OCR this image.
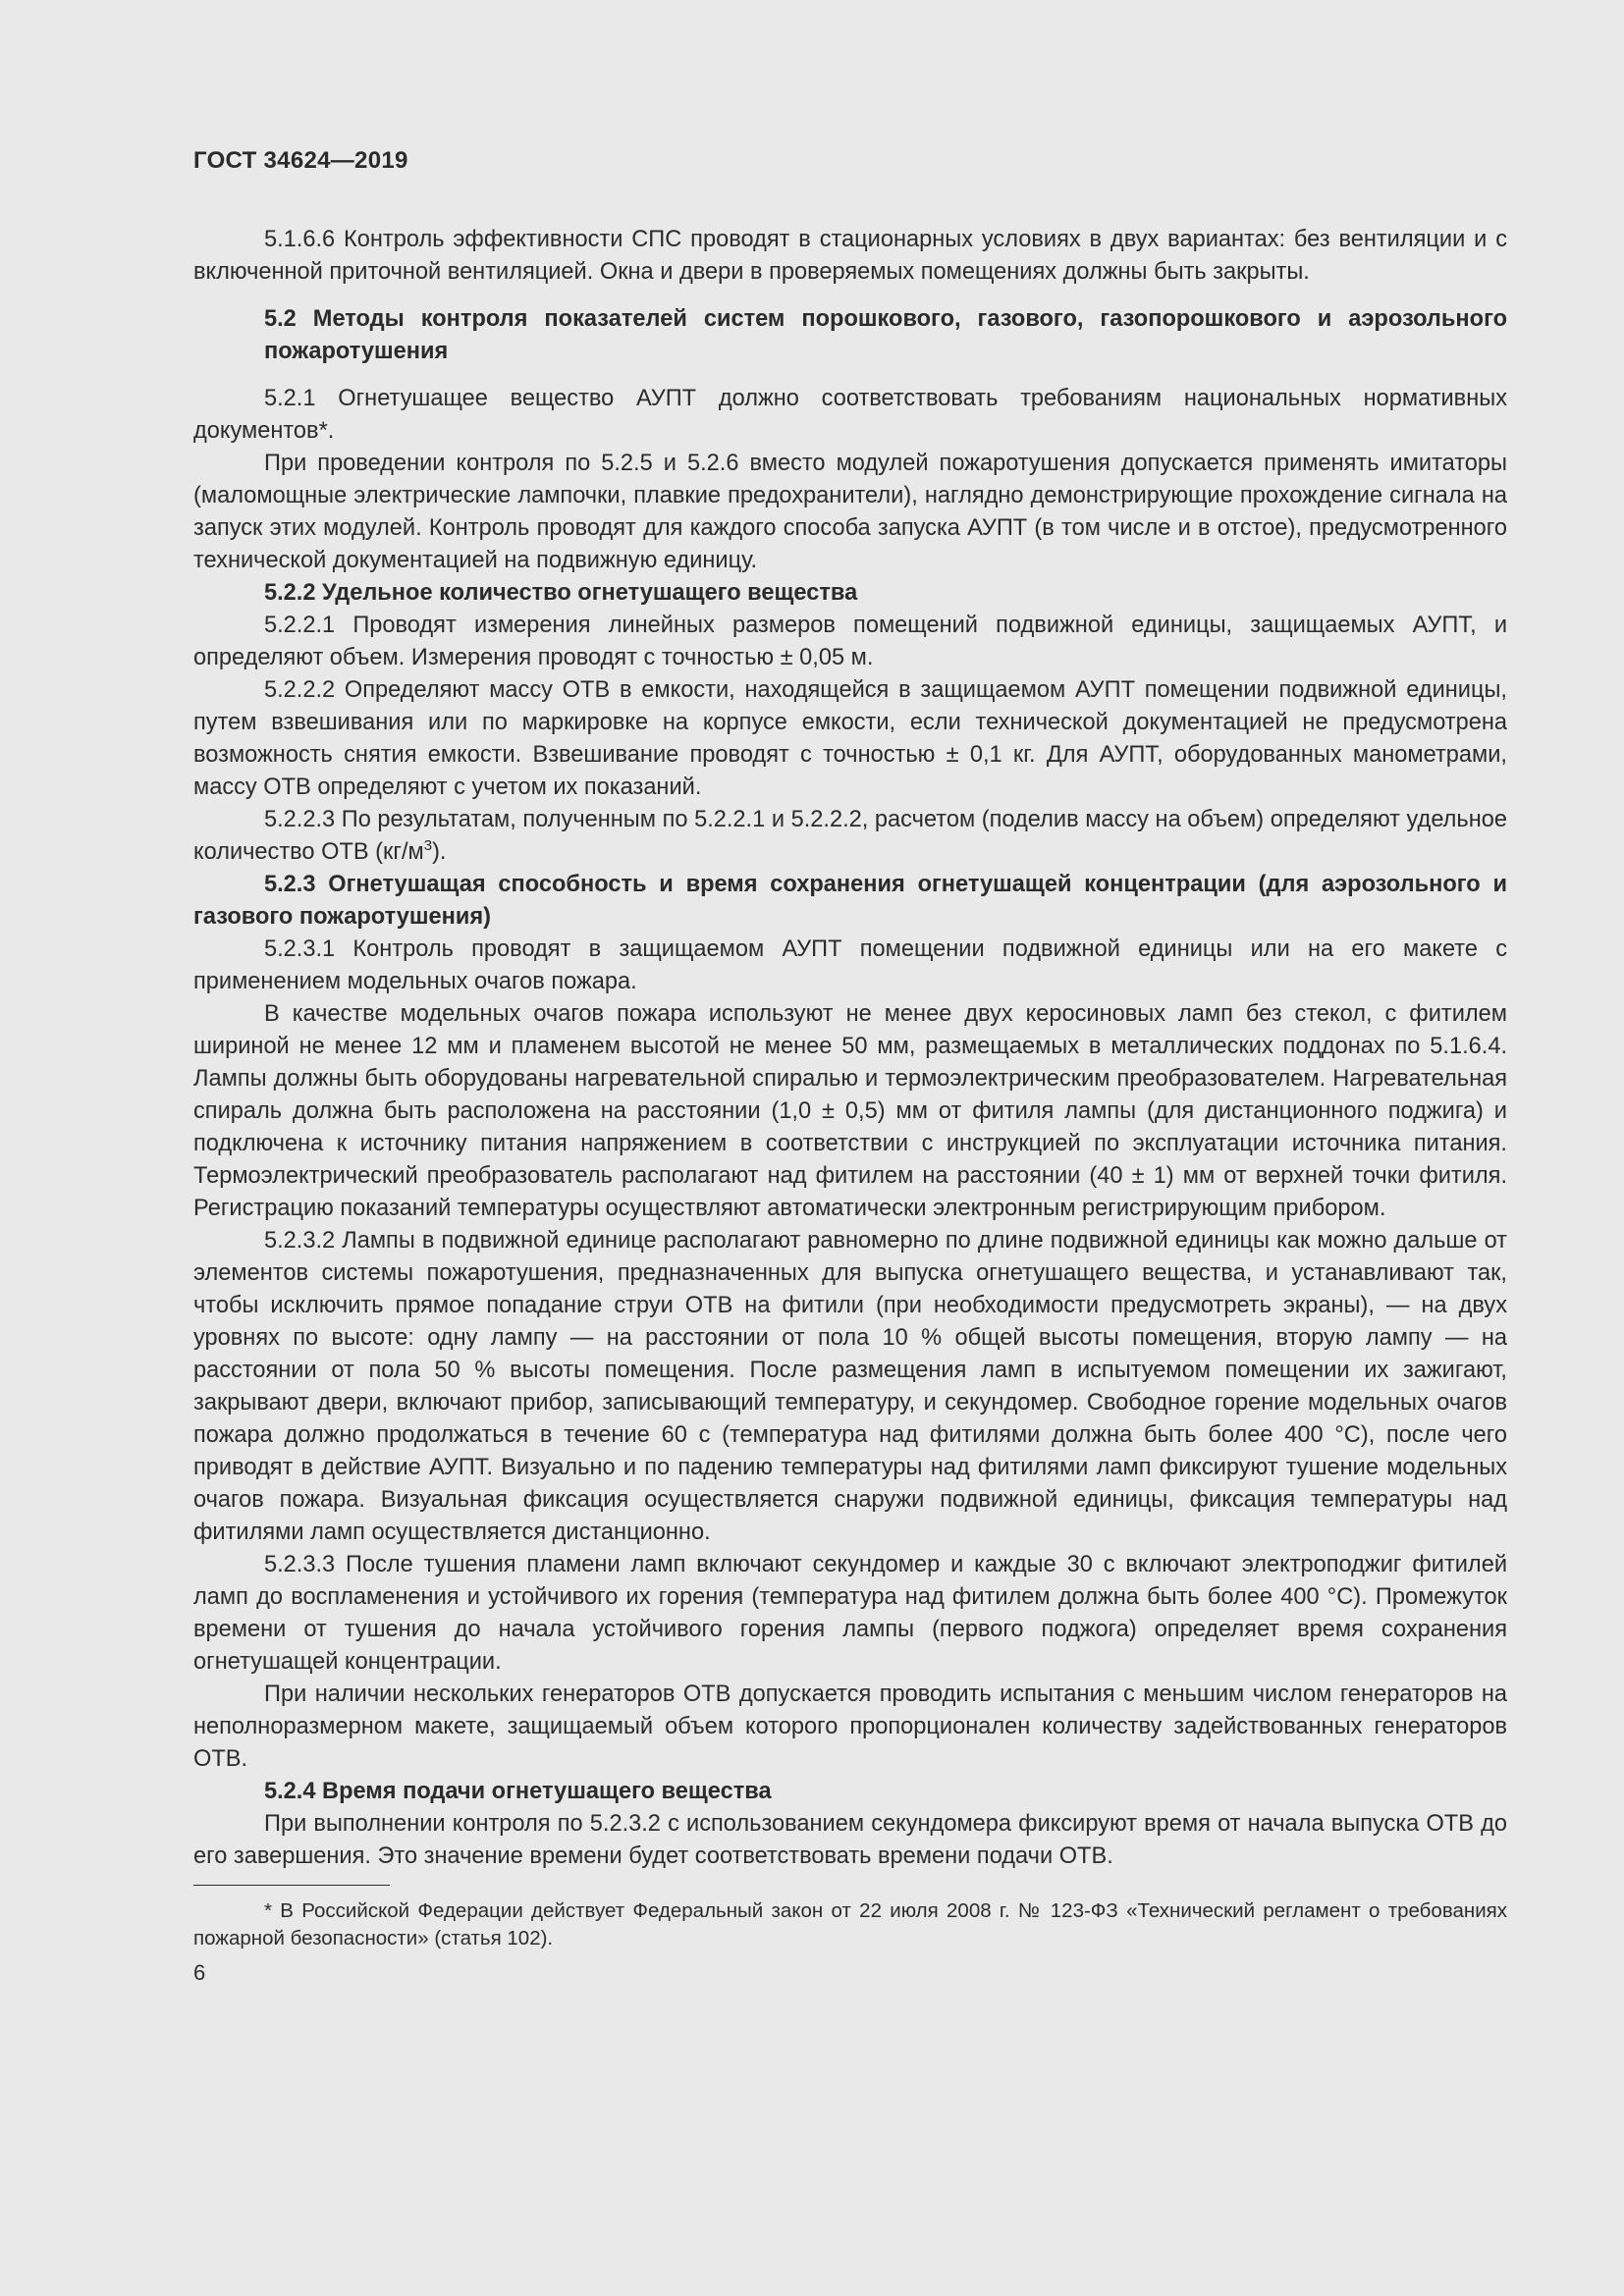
ГОСТ 34624—2019

5.1.6.6 Контроль эффективности СПС проводят в стационарных условиях в двух вариантах: без вентиляции и с включенной приточной вентиляцией. Окна и двери в проверяемых помещениях должны быть закрыты.

5.2 Методы контроля показателей систем порошкового, газового, газопорошкового и аэрозольного пожаротушения

5.2.1 Огнетушащее вещество АУПТ должно соответствовать требованиям национальных нормативных документов*.

При проведении контроля по 5.2.5 и 5.2.6 вместо модулей пожаротушения допускается применять имитаторы (маломощные электрические лампочки, плавкие предохранители), наглядно демонстрирующие прохождение сигнала на запуск этих модулей. Контроль проводят для каждого способа запуска АУПТ (в том числе и в отстое), предусмотренного технической документацией на подвижную единицу.

5.2.2 Удельное количество огнетушащего вещества

5.2.2.1 Проводят измерения линейных размеров помещений подвижной единицы, защищаемых АУПТ, и определяют объем. Измерения проводят с точностью ± 0,05 м.

5.2.2.2 Определяют массу ОТВ в емкости, находящейся в защищаемом АУПТ помещении подвижной единицы, путем взвешивания или по маркировке на корпусе емкости, если технической документацией не предусмотрена возможность снятия емкости. Взвешивание проводят с точностью ± 0,1 кг. Для АУПТ, оборудованных манометрами, массу ОТВ определяют с учетом их показаний.

5.2.2.3 По результатам, полученным по 5.2.2.1 и 5.2.2.2, расчетом (поделив массу на объем) определяют удельное количество ОТВ $(кг/м^3)$.

5.2.3 Огнетушащая способность и время сохранения огнетушащей концентрации (для аэрозольного и газового пожаротушения)

5.2.3.1 Контроль проводят в защищаемом АУПТ помещении подвижной единицы или на его макете с применением модельных очагов пожара.

В качестве модельных очагов пожара используют не менее двух керосиновых ламп без стекол, с фитилем шириной не менее 12 мм и пламенем высотой не менее 50 мм, размещаемых в металлических поддонах по 5.1.6.4. Лампы должны быть оборудованы нагревательной спиралью и термоэлектрическим преобразователем. Нагревательная спираль должна быть расположена на расстоянии (1,0 ± 0,5) мм от фитиля лампы (для дистанционного поджига) и подключена к источнику питания напряжением в соответствии с инструкцией по эксплуатации источника питания. Термоэлектрический преобразователь располагают над фитилем на расстоянии (40 ± 1) мм от верхней точки фитиля. Регистрацию показаний температуры осуществляют автоматически электронным регистрирующим прибором.

5.2.3.2 Лампы в подвижной единице располагают равномерно по длине подвижной единицы как можно дальше от элементов системы пожаротушения, предназначенных для выпуска огнетушащего вещества, и устанавливают так, чтобы исключить прямое попадание струи ОТВ на фитили (при необходимости предусмотреть экраны), — на двух уровнях по высоте: одну лампу — на расстоянии от пола 10 % общей высоты помещения, вторую лампу — на расстоянии от пола 50 % высоты помещения. После размещения ламп в испытуемом помещении их зажигают, закрывают двери, включают прибор, записывающий температуру, и секундомер. Свободное горение модельных очагов пожара должно продолжаться в течение 60 с (температура над фитилями должна быть более 400 °С), после чего приводят в действие АУПТ. Визуально и по падению температуры над фитилями ламп фиксируют тушение модельных очагов пожара. Визуальная фиксация осуществляется снаружи подвижной единицы, фиксация температуры над фитилями ламп осуществляется дистанционно.

5.2.3.3 После тушения пламени ламп включают секундомер и каждые 30 с включают электроподжиг фитилей ламп до воспламенения и устойчивого их горения (температура над фитилем должна быть более 400 °С). Промежуток времени от тушения до начала устойчивого горения лампы (первого поджога) определяет время сохранения огнетушащей концентрации.

При наличии нескольких генераторов ОТВ допускается проводить испытания с меньшим числом генераторов на неполноразмерном макете, защищаемый объем которого пропорционален количеству задействованных генераторов ОТВ.

5.2.4 Время подачи огнетушащего вещества

При выполнении контроля по 5.2.3.2 с использованием секундомера фиксируют время от начала выпуска ОТВ до его завершения. Это значение времени будет соответствовать времени подачи ОТВ.

* В Российской Федерации действует Федеральный закон от 22 июля 2008 г. № 123-ФЗ «Технический регламент о требованиях пожарной безопасности» (статья 102).
6
